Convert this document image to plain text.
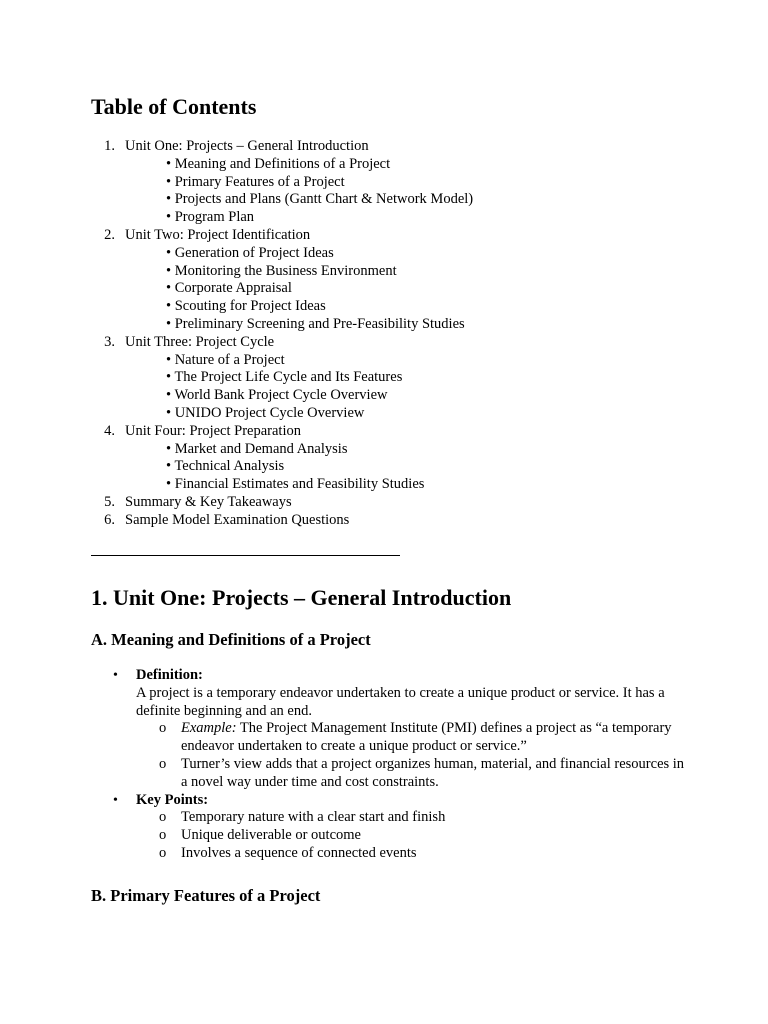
Table of Contents
1. Unit One: Projects – General Introduction
• Meaning and Definitions of a Project
• Primary Features of a Project
• Projects and Plans (Gantt Chart & Network Model)
• Program Plan
2. Unit Two: Project Identification
• Generation of Project Ideas
• Monitoring the Business Environment
• Corporate Appraisal
• Scouting for Project Ideas
• Preliminary Screening and Pre-Feasibility Studies
3. Unit Three: Project Cycle
• Nature of a Project
• The Project Life Cycle and Its Features
• World Bank Project Cycle Overview
• UNIDO Project Cycle Overview
4. Unit Four: Project Preparation
• Market and Demand Analysis
• Technical Analysis
• Financial Estimates and Feasibility Studies
5. Summary & Key Takeaways
6. Sample Model Examination Questions
1. Unit One: Projects – General Introduction
A. Meaning and Definitions of a Project
•	Definition:
A project is a temporary endeavor undertaken to create a unique product or service. It has a definite beginning and an end.
o	Example: The Project Management Institute (PMI) defines a project as “a temporary endeavor undertaken to create a unique product or service.”
o	Turner’s view adds that a project organizes human, material, and financial resources in a novel way under time and cost constraints.
•	Key Points:
o	Temporary nature with a clear start and finish
o	Unique deliverable or outcome
o	Involves a sequence of connected events
B. Primary Features of a Project
